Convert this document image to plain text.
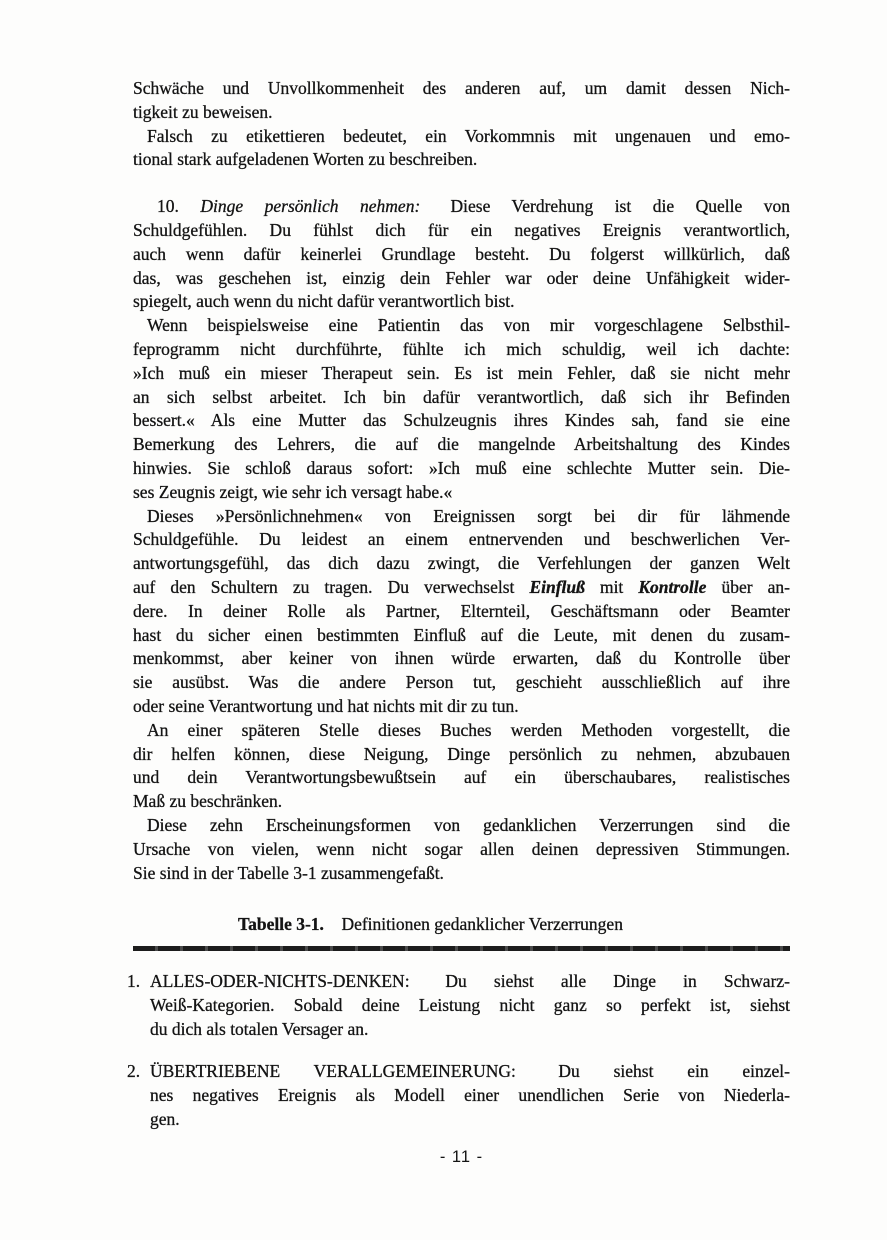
Schwäche und Unvollkommenheit des anderen auf, um damit dessen Nich-
tigkeit zu beweisen.
Falsch zu etikettieren bedeutet, ein Vorkommnis mit ungenauen und emo-
tional stark aufgeladenen Worten zu beschreiben.
10. Dinge persönlich nehmen:  Diese Verdrehung ist die Quelle von
Schuldgefühlen. Du fühlst dich für ein negatives Ereignis verantwortlich,
auch wenn dafür keinerlei Grundlage besteht. Du folgerst willkürlich, daß
das, was geschehen ist, einzig dein Fehler war oder deine Unfähigkeit wider-
spiegelt, auch wenn du nicht dafür verantwortlich bist.
Wenn beispielsweise eine Patientin das von mir vorgeschlagene Selbsthil-
feprogramm nicht durchführte, fühlte ich mich schuldig, weil ich dachte:
»Ich muß ein mieser Therapeut sein. Es ist mein Fehler, daß sie nicht mehr
an sich selbst arbeitet. Ich bin dafür verantwortlich, daß sich ihr Befinden
bessert.« Als eine Mutter das Schulzeugnis ihres Kindes sah, fand sie eine
Bemerkung des Lehrers, die auf die mangelnde Arbeitshaltung des Kindes
hinwies. Sie schloß daraus sofort: »Ich muß eine schlechte Mutter sein. Die-
ses Zeugnis zeigt, wie sehr ich versagt habe.«
Dieses »Persönlichnehmen« von Ereignissen sorgt bei dir für lähmende
Schuldgefühle. Du leidest an einem entnervenden und beschwerlichen Ver-
antwortungsgefühl, das dich dazu zwingt, die Verfehlungen der ganzen Welt
auf den Schultern zu tragen. Du verwechselst Einfluß mit Kontrolle über an-
dere. In deiner Rolle als Partner, Elternteil, Geschäftsmann oder Beamter
hast du sicher einen bestimmten Einfluß auf die Leute, mit denen du zusam-
menkommst, aber keiner von ihnen würde erwarten, daß du Kontrolle über
sie ausübst. Was die andere Person tut, geschieht ausschließlich auf ihre
oder seine Verantwortung und hat nichts mit dir zu tun.
An einer späteren Stelle dieses Buches werden Methoden vorgestellt, die
dir helfen können, diese Neigung, Dinge persönlich zu nehmen, abzubauen
und dein Verantwortungsbewußtsein auf ein überschaubares, realistisches
Maß zu beschränken.
Diese zehn Erscheinungsformen von gedanklichen Verzerrungen sind die
Ursache von vielen, wenn nicht sogar allen deinen depressiven Stimmungen.
Sie sind in der Tabelle 3-1 zusammengefaßt.
Tabelle 3-1. Definitionen gedanklicher Verzerrungen
1. ALLES-ODER-NICHTS-DENKEN:  Du siehst alle Dinge in Schwarz-
Weiß-Kategorien. Sobald deine Leistung nicht ganz so perfekt ist, siehst
du dich als totalen Versager an.
2. ÜBERTRIEBENE VERALLGEMEINERUNG:  Du siehst ein einzel-
nes negatives Ereignis als Modell einer unendlichen Serie von Niederla-
gen.
- 11 -
